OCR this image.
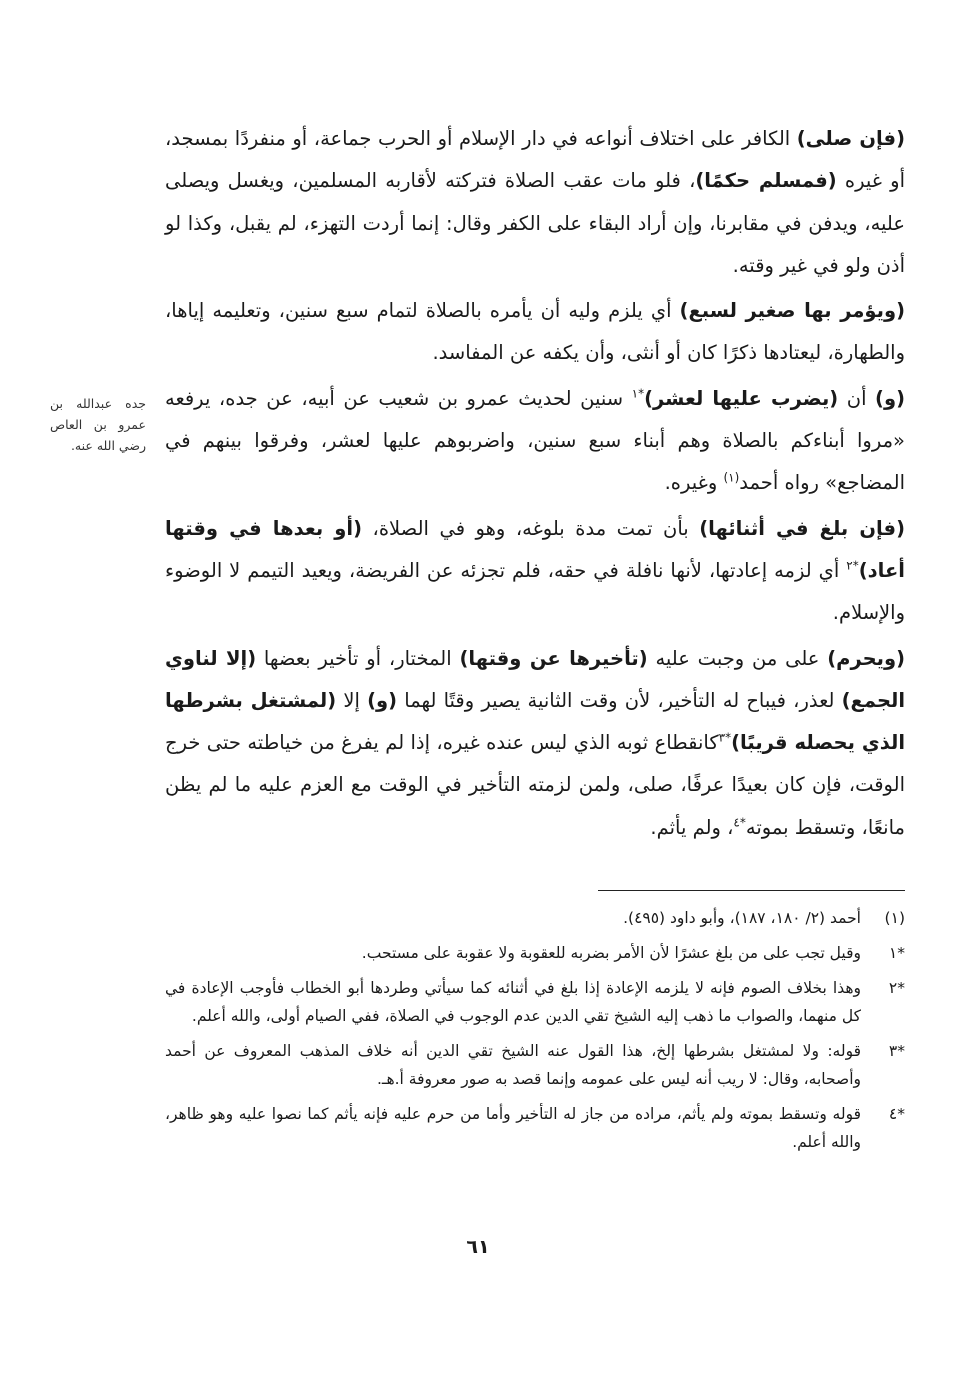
(فإن صلى) الكافر على اختلاف أنواعه في دار الإسلام أو الحرب جماعة، أو منفردًا بمسجد، أو غيره (فمسلم حكمًا)، فلو مات عقب الصلاة فتركته لأقاربه المسلمين، ويغسل ويصلى عليه، ويدفن في مقابرنا، وإن أراد البقاء على الكفر وقال: إنما أردت التهزء، لم يقبل، وكذا لو أذن ولو في غير وقته.

(ويؤمر بها صغير لسبع) أي يلزم وليه أن يأمره بالصلاة لتمام سبع سنين، وتعليمه إياها، والطهارة، ليعتادها ذكرًا كان أو أنثى، وأن يكفه عن المفاسد.

(و) أن (يضرب عليها لعشر)$^{*١}$ سنين لحديث عمرو بن شعيب عن أبيه، عن جده، يرفعه «مروا أبناءكم بالصلاة وهم أبناء سبع سنين، واضربوهم عليها لعشر، وفرقوا بينهم في المضاجع» رواه أحمد$^{(١)}$ وغيره.

(فإن بلغ في أثنائها) بأن تمت مدة بلوغه، وهو في الصلاة، (أو بعدها في وقتها أعاد)$^{*٢}$ أي لزمه إعادتها، لأنها نافلة في حقه، فلم تجزئه عن الفريضة، ويعيد التيمم لا الوضوء والإسلام.

(ويحرم) على من وجبت عليه (تأخيرها عن وقتها) المختار، أو تأخير بعضها (إلا لناوي الجمع) لعذر، فيباح له التأخير، لأن وقت الثانية يصير وقتًا لهما (و) إلا (لمشتغل بشرطها الذي يحصله قريبًا)$^{*٣}$كانقطاع ثوبه الذي ليس عنده غيره، إذا لم يفرغ من خياطته حتى خرج الوقت، فإن كان بعيدًا عرفًا، صلى، ولمن لزمته التأخير في الوقت مع العزم عليه ما لم يظن مانعًا، وتسقط بموته$^{*٤}$، ولم يأثم.

جده عبدالله بن عمرو بن العاص رضي الله عنه.
(١)
أحمد (٢/ ١٨٠، ١٨٧)، وأبو داود (٤٩٥).
*١
وقيل تجب على من بلغ عشرًا لأن الأمر بضربه للعقوبة ولا عقوبة على مستحب.
*٢
وهذا بخلاف الصوم فإنه لا يلزمه الإعادة إذا بلغ في أثنائه كما سيأتي وطردها أبو الخطاب فأوجب الإعادة في كل منهما، والصواب ما ذهب إليه الشيخ تقي الدين عدم الوجوب في الصلاة، ففي الصيام أولى، والله أعلم.
*٣
قوله: ولا لمشتغل بشرطها إلخ، هذا القول عنه الشيخ تقي الدين أنه خلاف المذهب المعروف عن أحمد وأصحابه، وقال: لا ريب أنه ليس على عمومه وإنما قصد به صور معروفة أ.هـ.
*٤
قوله وتسقط بموته ولم يأثم، مراده من جاز له التأخير وأما من حرم عليه فإنه يأثم كما نصوا عليه وهو ظاهر، والله أعلم.
٦١
